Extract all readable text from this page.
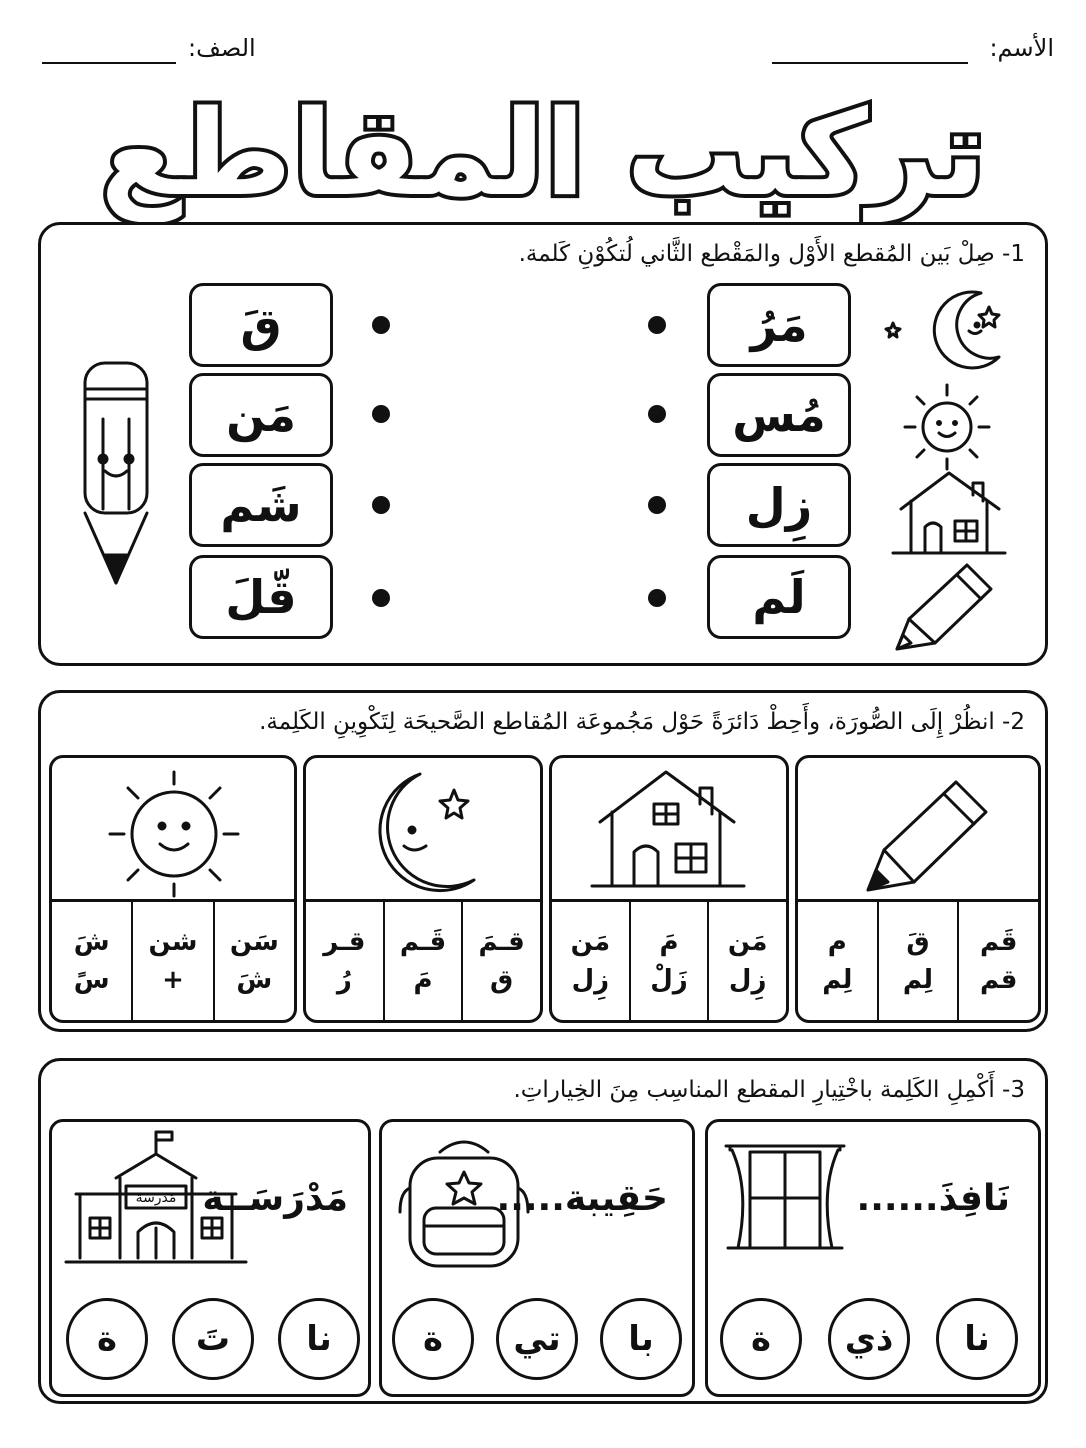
الأسم:
الصف:
تركيب المقاطع
1- صِلْ بَين المُقطع الأَوْل والمَقْطع الثَّاني لُتكُوْنِ كَلمة.
مَرُ
مُس
زِل
لَم
قَ
مَن
شَم
قّلَ
2- انظُرْ إِلَى الصُّورَة، وأَحِطْ دَائرَةً حَوْل مَجُموعَة المُقاطع الصَّحيحَة لِتَكْوِينِ الكَلِمة.
قَم
قم
قَ
لِم
م
لِم
مَن
زِل
مَ
زَلْ
مَن
زِل
قـمَ
ق
قَـم
مَ
قـر
رُ
سَن
شَ
شن
+
شَ
سً
3- أَكْمِلِ الكَلِمة باخْتِيارِ المقطع المناسِب مِنَ الخِياراتِ.
نَافِذَ......
نا
ذي
ة
حَقِيبة.....
با
تي
ة
مَدْرَسَــة
مَدرسة
نا
تَ
ة
